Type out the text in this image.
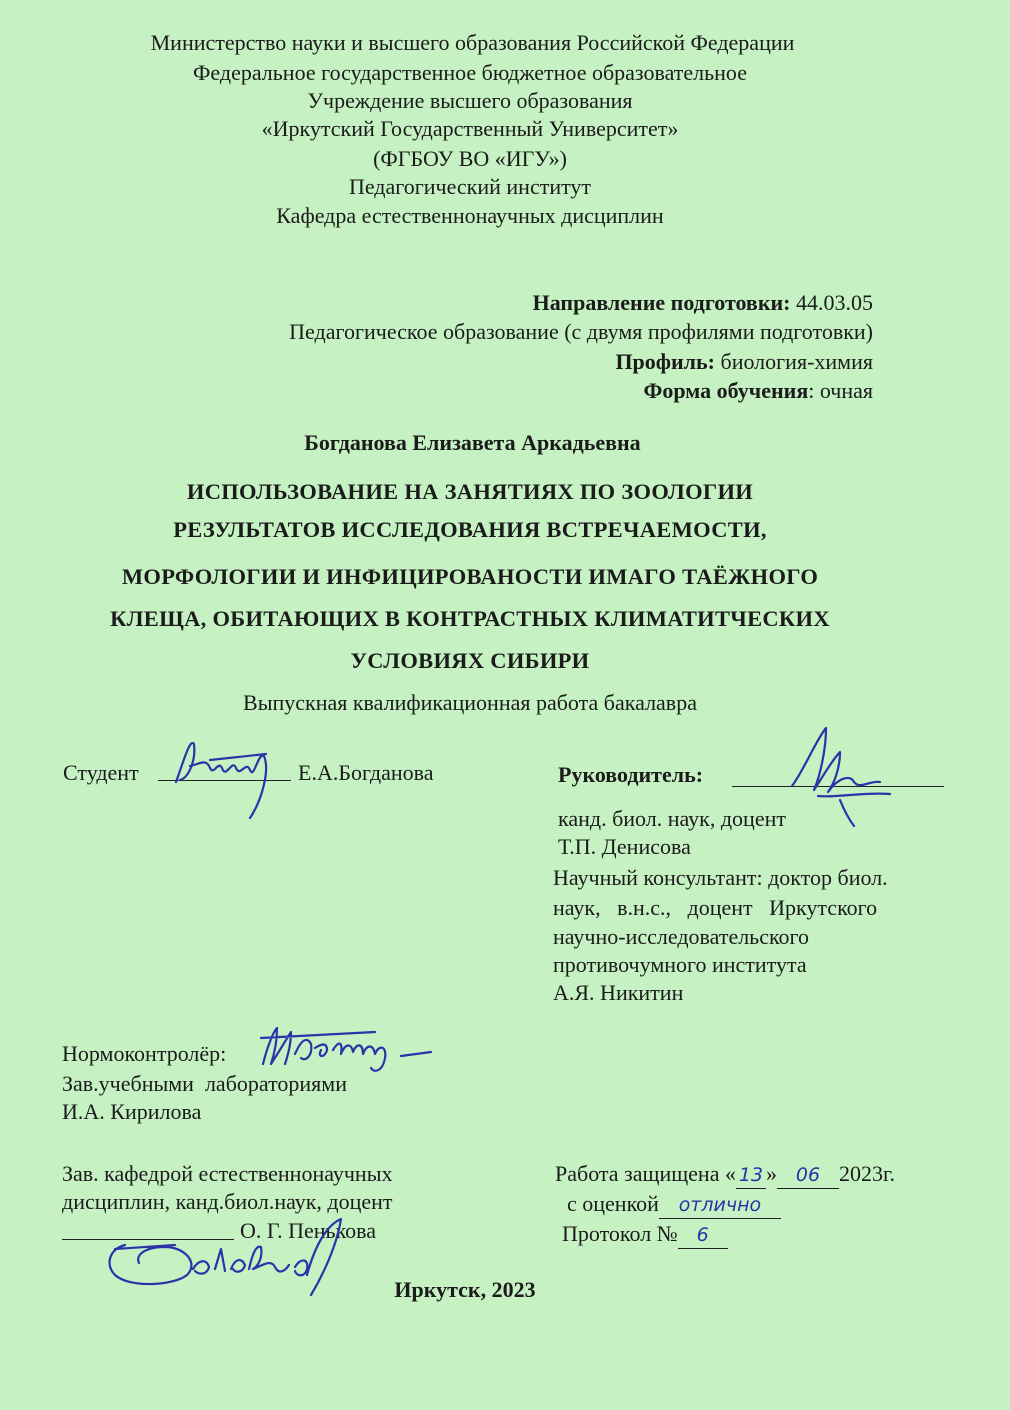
Министерство науки и высшего образования Российской Федерации
Федеральное государственное бюджетное образовательное
Учреждение высшего образования
«Иркутский Государственный Университет»
(ФГБОУ ВО «ИГУ»)
Педагогический институт
Кафедра естественнонаучных дисциплин
Направление подготовки: 44.03.05
Педагогическое образование (с двумя профилями подготовки)
Профиль: биология-химия
Форма обучения: очная
Богданова Елизавета Аркадьевна
ИСПОЛЬЗОВАНИЕ НА ЗАНЯТИЯХ ПО ЗООЛОГИИ
РЕЗУЛЬТАТОВ ИССЛЕДОВАНИЯ ВСТРЕЧАЕМОСТИ,
МОРФОЛОГИИ И ИНФИЦИРОВАНОСТИ ИМАГО ТАЁЖНОГО
КЛЕЩА, ОБИТАЮЩИХ В КОНТРАСТНЫХ КЛИМАТИТЧЕСКИХ
УСЛОВИЯХ СИБИРИ
Выпускная квалификационная работа бакалавра
Студент	Е.А.Богданова	Руководитель:
канд. биол. наук, доцент
Т.П. Денисова
Научный консультант: доктор биол.
наук,   в.н.с.,   доцент   Иркутского
научно-исследовательского
противочумного института
А.Я. Никитин
Нормоконтролёр:
Зав.учебными  лабораториями
И.А. Кирилова
Зав. кафедрой естественнонаучных
дисциплин, канд.биол.наук, доцент
О. Г. Пенькова
Работа защищена « 13 » 06 2023г.
с оценкой отлично
Протокол № 6
Иркутск, 2023
